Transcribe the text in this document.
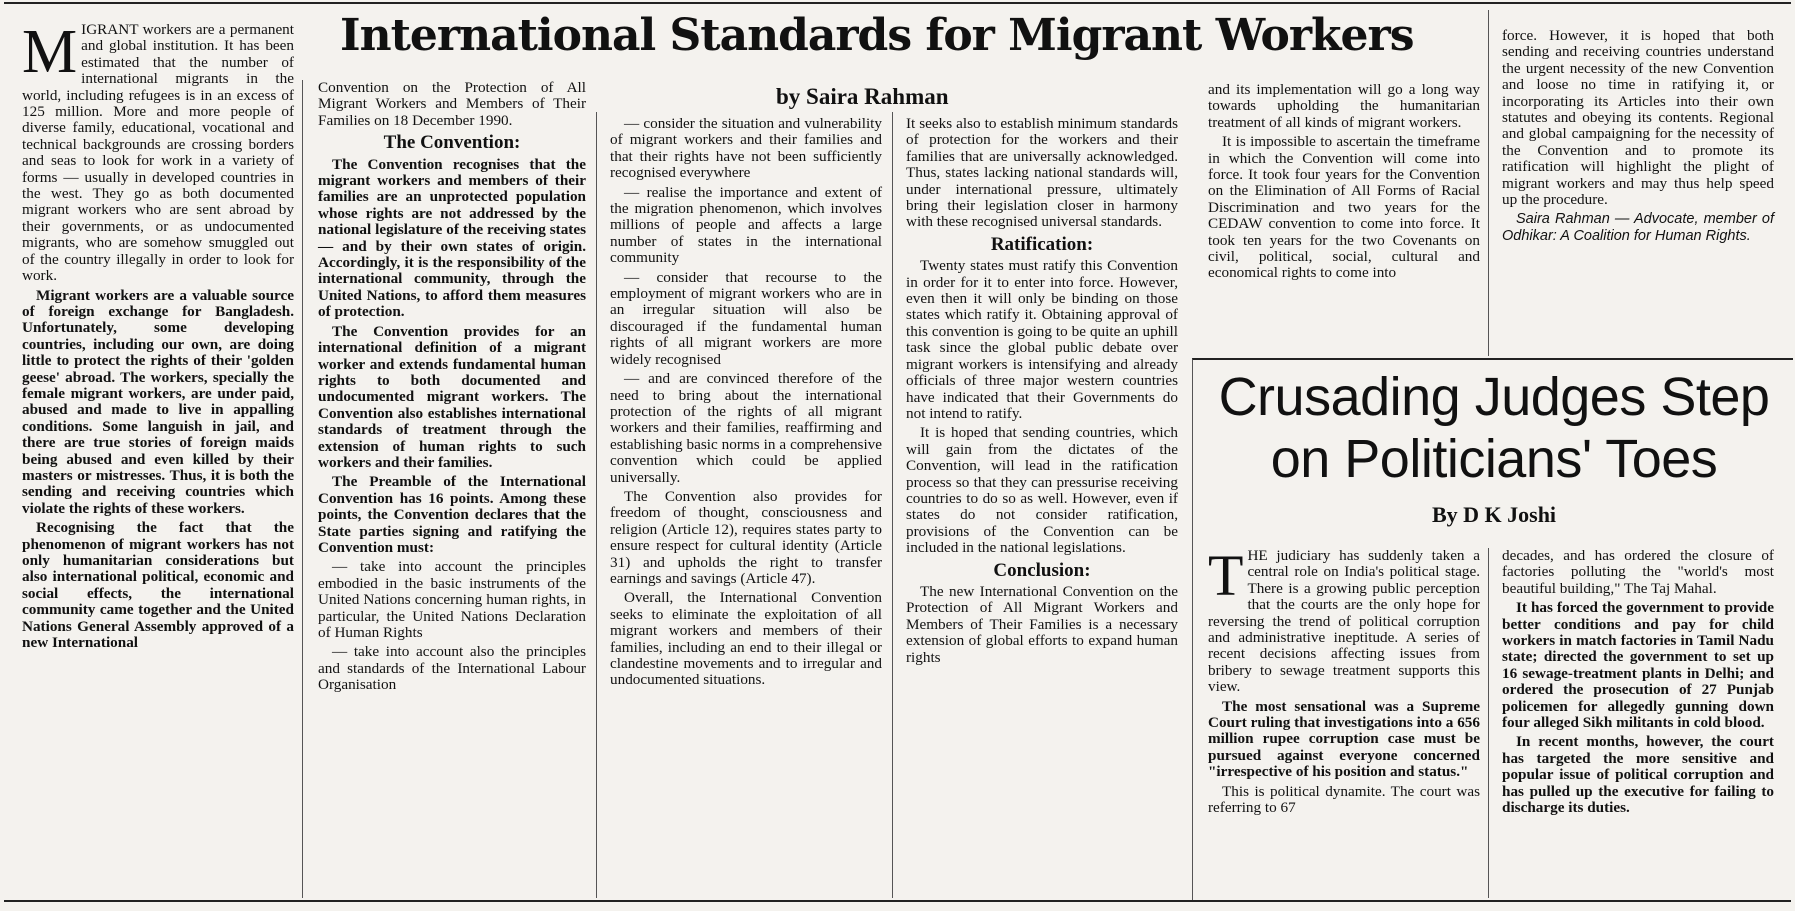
International Standards for Migrant Workers
by Saira Rahman

MIGRANT workers are a permanent and global institution. It has been estimated that the number of international migrants in the world, including refugees is in an excess of 125 million. More and more people of diverse family, educational, vocational and technical backgrounds are crossing borders and seas to look for work in a variety of forms — usually in developed countries in the west. They go as both documented migrant workers who are sent abroad by their governments, or as undocumented migrants, who are somehow smuggled out of the country illegally in order to look for work.

Migrant workers are a valuable source of foreign exchange for Bangladesh. Unfortunately, some developing countries, including our own, are doing little to protect the rights of their 'golden geese' abroad. The workers, specially the female migrant workers, are under paid, abused and made to live in appalling conditions. Some languish in jail, and there are true stories of foreign maids being abused and even killed by their masters or mistresses. Thus, it is both the sending and receiving countries which violate the rights of these workers.

Recognising the fact that the phenomenon of migrant workers has not only humanitarian considerations but also international political, economic and social effects, the international community came together and the United Nations General Assembly approved of a new International

Convention on the Protection of All Migrant Workers and Members of Their Families on 18 December 1990.

The Convention:

The Convention recognises that the migrant workers and members of their families are an unprotected population whose rights are not addressed by the national legislature of the receiving states — and by their own states of origin. Accordingly, it is the responsibility of the international community, through the United Nations, to afford them measures of protection.

The Convention provides for an international definition of a migrant worker and extends fundamental human rights to both documented and undocumented migrant workers. The Convention also establishes international standards of treatment through the extension of human rights to such workers and their families.

The Preamble of the International Convention has 16 points. Among these points, the Convention declares that the State parties signing and ratifying the Convention must:

— take into account the principles embodied in the basic instruments of the United Nations concerning human rights, in particular, the United Nations Declaration of Human Rights

— take into account also the principles and standards of the International Labour Organisation

— consider the situation and vulnerability of migrant workers and their families and that their rights have not been sufficiently recognised everywhere

— realise the importance and extent of the migration phenomenon, which involves millions of people and affects a large number of states in the international community

— consider that recourse to the employment of migrant workers who are in an irregular situation will also be discouraged if the fundamental human rights of all migrant workers are more widely recognised

— and are convinced therefore of the need to bring about the international protection of the rights of all migrant workers and their families, reaffirming and establishing basic norms in a comprehensive convention which could be applied universally.

The Convention also provides for freedom of thought, consciousness and religion (Article 12), requires states party to ensure respect for cultural identity (Article 31) and upholds the right to transfer earnings and savings (Article 47).

Overall, the International Convention seeks to eliminate the exploitation of all migrant workers and members of their families, including an end to their illegal or clandestine movements and to irregular and undocumented situations.

It seeks also to establish minimum standards of protection for the workers and their families that are universally acknowledged. Thus, states lacking national standards will, under international pressure, ultimately bring their legislation closer in harmony with these recognised universal standards.

Ratification:

Twenty states must ratify this Convention in order for it to enter into force. However, even then it will only be binding on those states which ratify it. Obtaining approval of this convention is going to be quite an uphill task since the global public debate over migrant workers is intensifying and already officials of three major western countries have indicated that their Governments do not intend to ratify.

It is hoped that sending countries, which will gain from the dictates of the Convention, will lead in the ratification process so that they can pressurise receiving countries to do so as well. However, even if states do not consider ratification, provisions of the Convention can be included in the national legislations.

Conclusion:

The new International Convention on the Protection of All Migrant Workers and Members of Their Families is a necessary extension of global efforts to expand human rights

and its implementation will go a long way towards upholding the humanitarian treatment of all kinds of migrant workers.

It is impossible to ascertain the timeframe in which the Convention will come into force. It took four years for the Convention on the Elimination of All Forms of Racial Discrimination and two years for the CEDAW convention to come into force. It took ten years for the two Covenants on civil, political, social, cultural and economical rights to come into

force. However, it is hoped that both sending and receiving countries understand the urgent necessity of the new Convention and loose no time in ratifying it, or incorporating its Articles into their own statutes and obeying its contents. Regional and global campaigning for the necessity of the Convention and to promote its ratification will highlight the plight of migrant workers and may thus help speed up the procedure.

Saira Rahman — Advocate, member of Odhikar: A Coalition for Human Rights.

Crusading Judges Step
on Politicians' Toes
By D K Joshi

THE judiciary has suddenly taken a central role on India's political stage. There is a growing public perception that the courts are the only hope for reversing the trend of political corruption and administrative ineptitude. A series of recent decisions affecting issues from bribery to sewage treatment supports this view.

The most sensational was a Supreme Court ruling that investigations into a 656 million rupee corruption case must be pursued against everyone concerned "irrespective of his position and status."

This is political dynamite. The court was referring to 67

decades, and has ordered the closure of factories polluting the "world's most beautiful building," The Taj Mahal.

It has forced the government to provide better conditions and pay for child workers in match factories in Tamil Nadu state; directed the government to set up 16 sewage-treatment plants in Delhi; and ordered the prosecution of 27 Punjab policemen for allegedly gunning down four alleged Sikh militants in cold blood.

In recent months, however, the court has targeted the more sensitive and popular issue of political corruption and has pulled up the executive for failing to discharge its duties.
